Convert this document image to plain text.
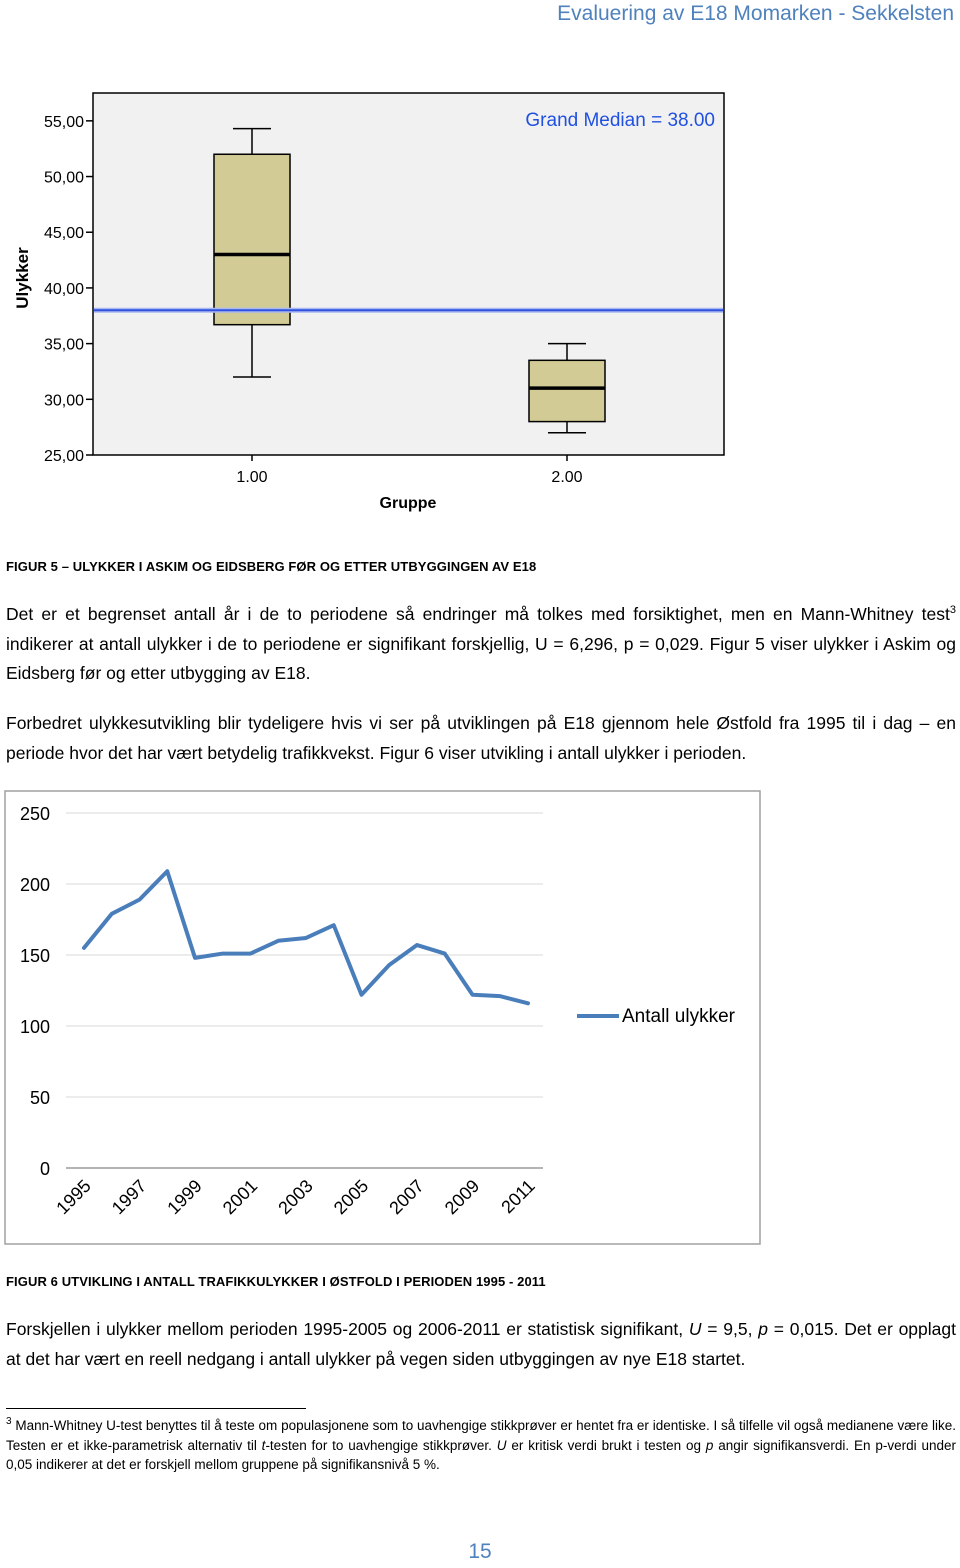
Evaluering av E18 Momarken - Sekkelsten
25,00
30,00
35,00
40,00
45,00
50,00
55,00
1.00	2.00
Ulykker
Gruppe
Grand Median = 38.00
FIGUR 5 – ULYKKER I ASKIM OG EIDSBERG FØR OG ETTER UTBYGGINGEN AV E18
Det er et begrenset antall år i de to periodene så endringer må tolkes med forsiktighet, men en Mann-Whitney test$^3$ indikerer at antall ulykker i de to periodene er signifikant forskjellig, U = 6,296, p = 0,029. Figur 5 viser ulykker i Askim og Eidsberg før og etter utbygging av E18.
Forbedret ulykkesutvikling blir tydeligere hvis vi ser på utviklingen på E18 gjennom hele Østfold fra 1995 til i dag – en periode hvor det har vært betydelig trafikkvekst. Figur 6 viser utvikling i antall ulykker i perioden.
0
50
100
150
200
250
1995 1997 1999 2001 2003 2005 2007 2009 2011
Antall ulykker
FIGUR 6 UTVIKLING I ANTALL TRAFIKKULYKKER I ØSTFOLD I PERIODEN 1995 - 2011
Forskjellen i ulykker mellom perioden 1995-2005 og 2006-2011 er statistisk signifikant, U = 9,5, p = 0,015. Det er opplagt at det har vært en reell nedgang i antall ulykker på vegen siden utbyggingen av nye E18 startet.
$^3$ Mann-Whitney U-test benyttes til å teste om populasjonene som to uavhengige stikkprøver er hentet fra er identiske. I så tilfelle vil også medianene være like. Testen er et ikke-parametrisk alternativ til t-testen for to uavhengige stikkprøver. U er kritisk verdi brukt i testen og p angir signifikansverdi. En p-verdi under 0,05 indikerer at det er forskjell mellom gruppene på signifikansnivå 5 %.
15
